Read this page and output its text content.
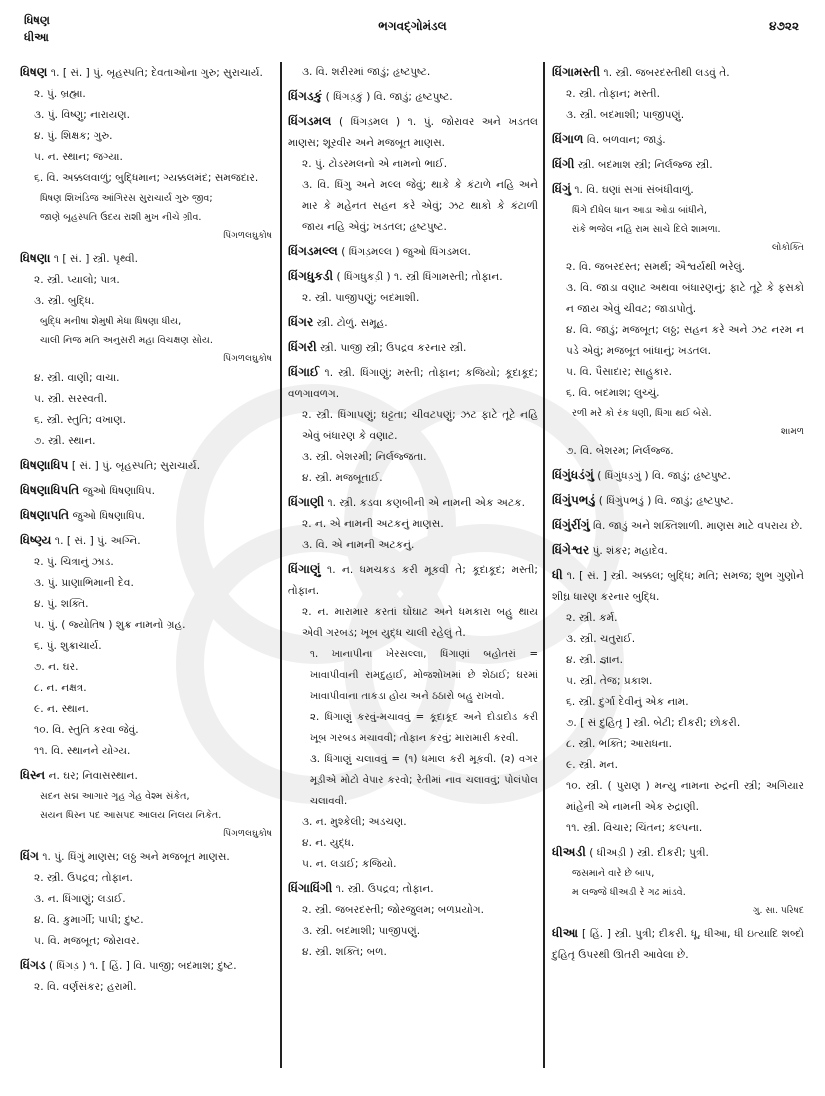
ધિષણ
ધીઆ
ભગવદ્ગોમંડલ	૪૭૨૨
ધિષણ ૧. [ સં. ] પું. બૃહસ્પતિ; દેવતાઓના ગુરુ; સુરાચાર્ય.
૨. પું. બ્રહ્મા.
૩. પું. વિષ્ણુ; નારાયણ.
૪. પું. શિક્ષક; ગુરુ.
૫. ન. સ્થાન; જગ્યા.
૬. વિ. અક્કલવાળું; બુદ્ધિમાન; ગ્યક્કલમંદ; સમજદાર.
ધિષણ શિખંડિજ આંગિરસ સુરાચાર્ય ગુરુ જીવ;
જાણે બૃહસ્પતિ ઉદય રાશી મુખ નીચે ગ્રીવ.
પિંગળલઘુકોષ
ધિષણા ૧ [ સં. ] સ્ત્રી. પૃથ્વી.
૨. સ્ત્રી. પ્યાલો; પાત્ર.
૩. સ્ત્રી. બુદ્ધિ.
બુદ્ધિ મનીષા શેમુષી મેધા ધિષણા ધીય,
ચાલી નિજ મતિ અનુસરી મહા વિચક્ષણ સોય.
પિંગળલઘુકોષ
૪. સ્ત્રી. વાણી; વાચા.
૫. સ્ત્રી. સરસ્વતી.
૬. સ્ત્રી. સ્તુતિ; વખાણ.
૭. સ્ત્રી. સ્થાન.
ધિષણાધિપ [ સં. ] પું. બૃહસ્પતિ; સુરાચાર્ય.
ધિષણાધિપતિ જુઓ ધિષણાધિપ.
ધિષણાપતિ જુઓ ધિષણાધિપ.
ધિષ્ણ્ય ૧. [ સં. ] પું. અગ્નિ.
૨. પું. ચિત્રાનું ઝાડ.
૩. પું. પ્રાણાભિમાની દેવ.
૪. પું. શક્તિ.
૫. પું. ( જ્યોતિષ ) શુક્ર નામનો ગ્રહ.
૬. પું. શુક્રાચાર્ય.
૭. ન. ઘર.
૮. ન. નક્ષત્ર.
૯. ન. સ્થાન.
૧૦. વિ. સ્તુતિ કરવા જેવું.
૧૧. વિ. સ્થાનને યોગ્ય.
ધિસ્ન ન. ઘર; નિવાસસ્થાન.
સદન સદ્મ આગાર ગૃહ ગેહ વેશ્મ સંકેત,
સયન ધિસ્ન પદ આસપદ આલય નિલય નિકેત.
પિંગળલઘુકોષ
ધિંગ ૧. પું. ધિંગું માણસ; લઠ્ઠ અને મજબૂત માણસ.
૨. સ્ત્રી. ઉપદ્રવ; તોફાન.
૩. ન. ધિંગાણું; લડાઈ.
૪. વિ. કુમાર્ગી; પાપી; દુષ્ટ.
૫. વિ. મજબૂત; જોરાવર.
ધિંગડ ( ધિંગડ઼ ) ૧. [ હિં. ] વિ. પાજી; બદમાશ; દુષ્ટ.
૨. વિ. વર્ણસંકર; હરામી.
૩. વિ. શરીરમાં જાડું; હૃષ્ટપુષ્ટ.
ધિંગડકું ( ધિંગડ઼કું ) વિ. જાડું; હૃષ્ટપુષ્ટ.
ધિંગડમલ ( ધિંગડ઼મલ ) ૧. પું. જોરાવર અને ખડતલ માણસ; શૂરવીર અને મજબૂત માણસ.
૨. પું. ટોડરમલનો એ નામનો ભાઈ.
૩. વિ. ધિંગુ અને મલ્લ જેવું; થાકે કે કંટાળે નહિ અને માર કે મહેનત સહન કરે એવું; ઝટ થાકો કે કંટાળી જાય નહિ એવું; ખડતલ; હૃષ્ટપુષ્ટ.
ધિંગડમલ્લ ( ધિંગડ઼મલ્લ ) જુઓ ધિંગડમલ.
ધિંગધુકડી ( ધિંગધુકડ઼ી ) ૧. સ્ત્રી ધિંગામસ્તી; તોફાન.
૨. સ્ત્રી. પાજીપણું; બદમાશી.
ધિંગર સ્ત્રી. ટોળું. સમૂહ.
ધિંગરી સ્ત્રી. પાજી સ્ત્રી; ઉપદ્રવ કરનાર સ્ત્રી.
ધિંગાઈ ૧. સ્ત્રી. ધિંગાણું; મસ્તી; તોફાન; કજિયો; કૂદાકૂદ; વળગાવળગ.
૨. સ્ત્રી. ધિંગાપણું; ઘટ્ટતા; ચીવટપણું; ઝટ ફાટે તૂટે નહિ એવું બંધારણ કે વણાટ.
૩. સ્ત્રી. બેશરમી; નિર્લજ્જતા.
૪. સ્ત્રી. મજબૂતાઈ.
ધિંગાણી ૧. સ્ત્રી. કડવા કણબીની એ નામની એક અટક.
૨. ન. એ નામની અટકનું માણસ.
૩. વિ. એ નામની અટકનું.
ધિંગાણું ૧. ન. ધમચકડ કરી મૂકવી તે; કૂદાકૂદ; મસ્તી; તોફાન.
૨. ન. મારામાર કરતાં ઘોંઘાટ અને ધમકારા બહુ થાય એવી ગરબડ; ખૂબ યુદ્ધ ચાલી રહેલું તે.
૧. ખાનાપીના ખેરસલ્લા, ધિંગાણાં બહોતરાં = ખાવાપીવાની રામદુહાઈ, મોજશોખમાં છે શેઠાઈ; ઘરમાં ખાવાપીવાના તાકડા હોય અને ઠઠારો બહુ રાખવો.
૨. ધિંગાણું કરવું-મચાવવું = કૂદાકૂદ અને દોડાદોડ કરી ખૂબ ગરબડ મચાવવી; તોફાન કરવું; મારામારી કરવી.
૩. ધિંગાણું ચલાવવું = (૧) ધમાલ કરી મૂકવી. (૨) વગર મૂડીએ મોટો વેપાર કરવો; રેતીમાં નાવ ચલાવવું; પોલંપોલ ચલાવવી.
૩. ન. મુશ્કેલી; અડચણ.
૪. ન. યુદ્ધ.
૫. ન. લડાઈ; કજિયો.
ધિંગાધિંગી ૧. સ્ત્રી. ઉપદ્રવ; તોફાન.
૨. સ્ત્રી. જબરદસ્તી; જોરજુલમ; બળપ્રયોગ.
૩. સ્ત્રી. બદમાશી; પાજીપણું.
૪. સ્ત્રી. શક્તિ; બળ.
ધિંગામસ્તી ૧. સ્ત્રી. જબરદસ્તીથી લડવું તે.
૨. સ્ત્રી. તોફાન; મસ્તી.
૩. સ્ત્રી. બદમાશી; પાજીપણું.
ધિંગાળ વિ. બળવાન; જાડું.
ધિંગી સ્ત્રી. બદમાશ સ્ત્રી; નિર્લજ્જ સ્ત્રી.
ધિંગું ૧. વિ. ઘણાં સગાં સંબંધીવાળું.
ધિંગે દીધેલ ધાન આડા ઓડા બાંધીને,
રાંકે ભજેલ નહિ રામ સાચે દિલે શામળા.
લોકોક્તિ
૨. વિ. જબરદસ્ત; સમર્થ; ઐશ્વર્યથી ભરેલું.
૩. વિ. જાડા વણાટ અથવા બંધારણનું; ફાટે તૂટે કે ફસકો ન જાય એવું ચીવટ; જાડાપોતું.
૪. વિ. જાડું; મજબૂત; લઠ્ઠ; સહન કરે અને ઝટ નરમ ન પડે એવું; મજબૂત બાંધાનું; ખડતલ.
૫. વિ. પૈસાદાર; સાહુકાર.
૬. વિ. બદમાશ; લુચ્ચું.
રળી મરે કો રંક ધણી, ધિંગા થઈ બેસે.
શામળ
૭. વિ. બેશરમ; નિર્લજ્જ.
ધિંગુંધડંગું ( ધિંગુંધડ઼ગું ) વિ. જાડું; હૃષ્ટપુષ્ટ.
ધિંગુંપભડું ( ધિંગુંપભડ઼ું ) વિ. જાડું; હૃષ્ટપુષ્ટ.
ધિંગુંરીંગું વિ. જાડું અને શક્તિશાળી. માણસ માટે વપરાય છે.
ધિંગેશ્વર પું. શંકર; મહાદેવ.
ધી ૧. [ સં. ] સ્ત્રી. અક્કલ; બુદ્ધિ; મતિ; સમજ; શુભ ગુણોને શીઘ્ર ધારણ કરનાર બુદ્ધિ.
૨. સ્ત્રી. કર્મ.
૩. સ્ત્રી. ચતુરાઈ.
૪. સ્ત્રી. જ્ઞાન.
૫. સ્ત્રી. તેજ; પ્રકાશ.
૬. સ્ત્રી. દુર્ગા દેવીનું એક નામ.
૭. [ સં દુહિતૃ ] સ્ત્રી. બેટી; દીકરી; છોકરી.
૮. સ્ત્રી. ભક્તિ; આરાધના.
૯. સ્ત્રી. મન.
૧૦. સ્ત્રી. ( પુરાણ ) મન્યુ નામના રુદ્રની સ્ત્રી; અગિયાર માંહેની એ નામની એક રુદ્રાણી.
૧૧. સ્ત્રી. વિચાર; ચિંતન; કલ્પના.
ધીઅડી ( ધીઅડ઼ી ) સ્ત્રી. દીકરી; પુત્રી.
જસમાને વારે છે બાપ,
મ લજ્જે ધીઅડી રે ગઢ માંડવે.
ગુ. સા. પરિષદ
ધીઆ [ હિં. ] સ્ત્રી. પુત્રી; દીકરી. ધૂ, ધીઆ, ધી ઇત્યાદિ શબ્દો દુહિતૃ ઉપરથી ઊતરી આવેલા છે.
